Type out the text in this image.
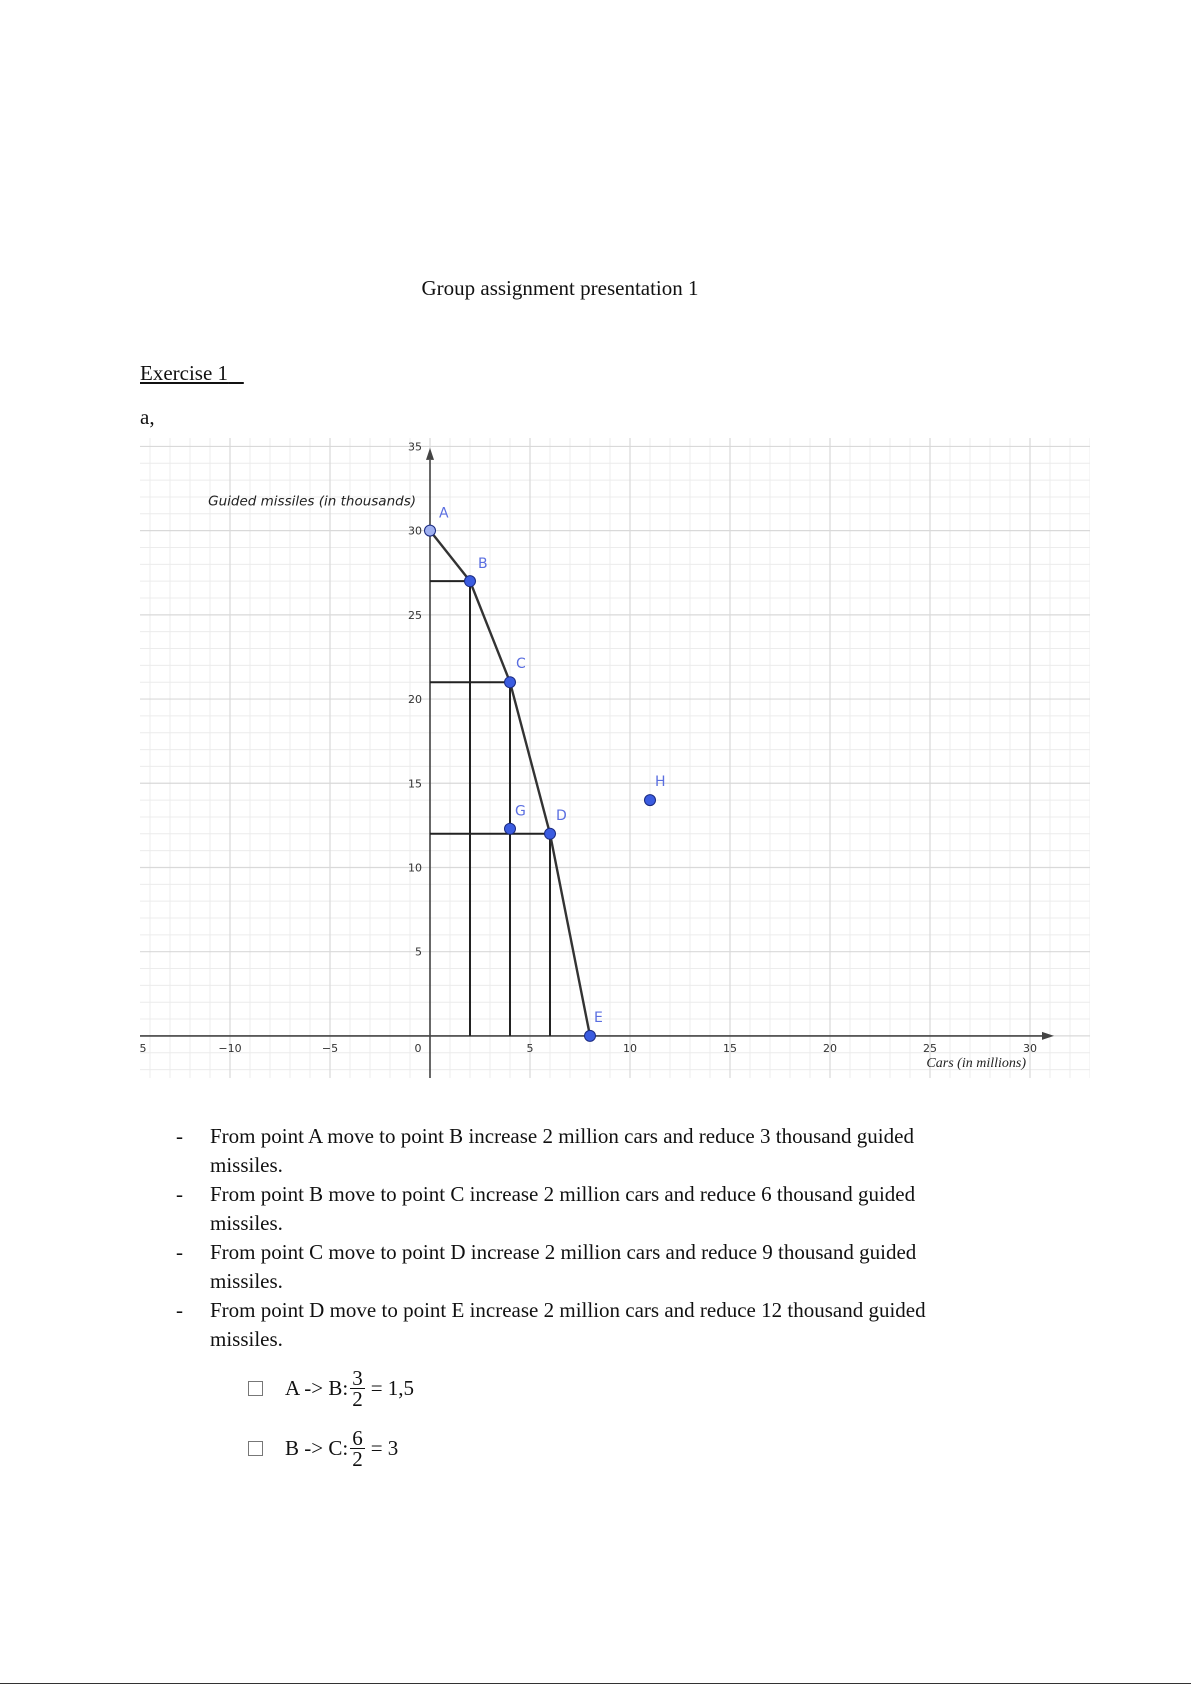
Group assignment presentation 1
Exercise 1
a,
5	−10	−5	0	5	10	15	20	25	30
5
10
15
20
25
30
35
Guided missiles (in thousands)
Cars (in millions)
A
B
C
D
E
G
H
- From point A move to point B increase 2 million cars and reduce 3 thousand guided missiles.
- From point B move to point C increase 2 million cars and reduce 6 thousand guided missiles.
- From point C move to point D increase 2 million cars and reduce 9 thousand guided missiles.
- From point D move to point E increase 2 million cars and reduce 12 thousand guided missiles.
A -> B: $\frac{3}{2} = 1,5$
B -> C: $\frac{6}{2} = 3$
